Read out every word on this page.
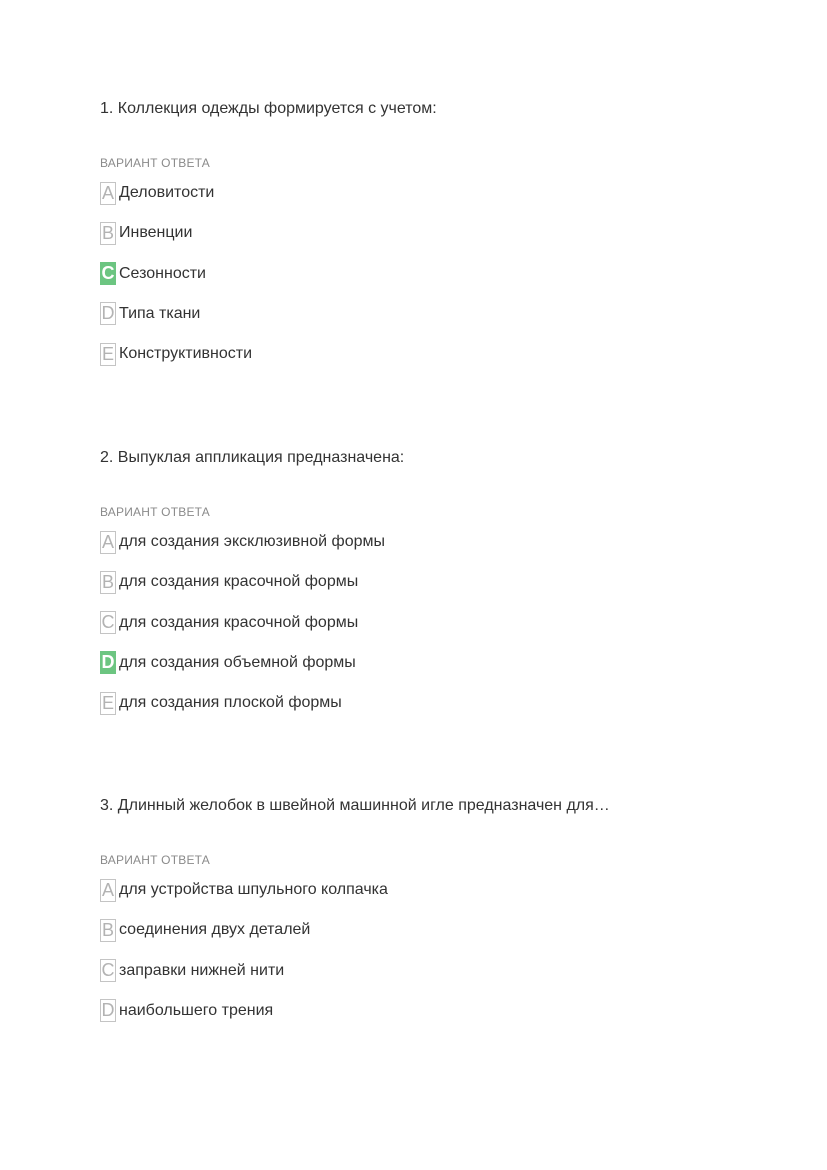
1. Коллекция одежды формируется с учетом:

ВАРИАНТ ОТВЕТА
A Деловитости
B Инвенции
C Сезонности
D Типа ткани
E Конструктивности

2. Выпуклая аппликация предназначена:

ВАРИАНТ ОТВЕТА
A для создания эксклюзивной формы
B для создания красочной формы
C для создания красочной формы
D для создания объемной формы
E для создания плоской формы

3. Длинный желобок в швейной машинной игле предназначен для…

ВАРИАНТ ОТВЕТА
A для устройства шпульного колпачка
B соединения двух деталей
C заправки нижней нити
D наибольшего трения
